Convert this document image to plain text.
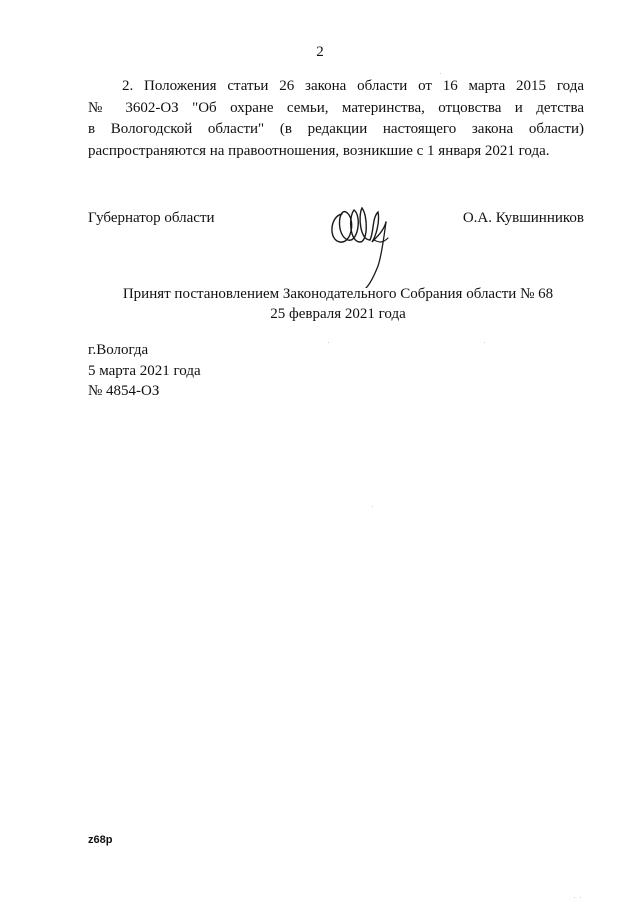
2
2. Положения статьи 26 закона области от 16 марта 2015 года
№ 3602-ОЗ "Об охране семьи, материнства, отцовства и детства
в Вологодской области" (в редакции настоящего закона области)
распространяются на правоотношения, возникшие с 1 января 2021 года.
Губернатор области	О.А. Кувшинников
Принят постановлением Законодательного Собрания области № 68
25 февраля 2021 года
г.Вологда
5 марта 2021 года
№ 4854-ОЗ
z68p
